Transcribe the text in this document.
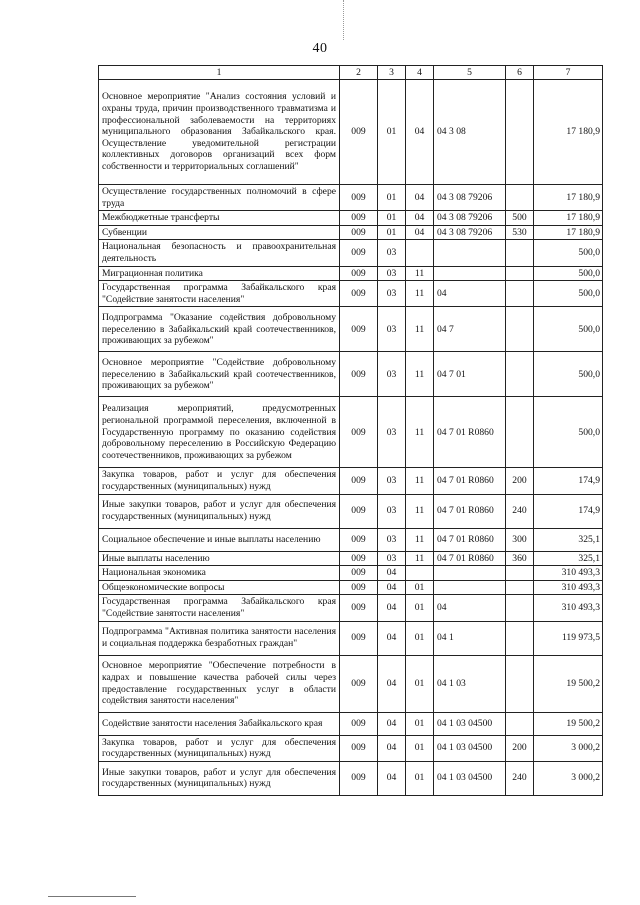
40
1	2	3	4	5	6	7
Основное мероприятие "Анализ состояния условий и охраны труда, причин производственного травматизма и профессиональной заболеваемости на территориях муниципального образования Забайкальского края. Осуществление уведомительной регистрации коллективных договоров организаций всех форм собственности и территориальных соглашений"	009	01	04	04 3 08		17 180,9
Осуществление государственных полномочий в сфере труда	009	01	04	04 3 08 79206		17 180,9
Межбюджетные трансферты	009	01	04	04 3 08 79206	500	17 180,9
Субвенции	009	01	04	04 3 08 79206	530	17 180,9
Национальная безопасность и правоохранительная деятельность	009	03				500,0
Миграционная политика	009	03	11			500,0
Государственная программа Забайкальского края "Содействие занятости населения"	009	03	11	04		500,0
Подпрограмма "Оказание содействия добровольному переселению в Забайкальский край соотечественников, проживающих за рубежом"	009	03	11	04 7		500,0
Основное мероприятие "Содействие добровольному переселению в Забайкальский край соотечественников, проживающих за рубежом"	009	03	11	04 7 01		500,0
Реализация мероприятий, предусмотренных региональной программой переселения, включенной в Государственную программу по оказанию содействия добровольному переселению в Российскую Федерацию соотечественников, проживающих за рубежом	009	03	11	04 7 01 R0860		500,0
Закупка товаров, работ и услуг для обеспечения государственных (муниципальных) нужд	009	03	11	04 7 01 R0860	200	174,9
Иные закупки товаров, работ и услуг для обеспечения государственных (муниципальных) нужд	009	03	11	04 7 01 R0860	240	174,9
Социальное обеспечение и иные выплаты населению	009	03	11	04 7 01 R0860	300	325,1
Иные выплаты населению	009	03	11	04 7 01 R0860	360	325,1
Национальная экономика	009	04				310 493,3
Общеэкономические вопросы	009	04	01			310 493,3
Государственная программа Забайкальского края "Содействие занятости населения"	009	04	01	04		310 493,3
Подпрограмма "Активная политика занятости населения и социальная поддержка безработных граждан"	009	04	01	04 1		119 973,5
Основное мероприятие "Обеспечение потребности в кадрах и повышение качества рабочей силы через предоставление государственных услуг в области содействия занятости населения"	009	04	01	04 1 03		19 500,2
Содействие занятости населения Забайкальского края	009	04	01	04 1 03 04500		19 500,2
Закупка товаров, работ и услуг для обеспечения государственных (муниципальных) нужд	009	04	01	04 1 03 04500	200	3 000,2
Иные закупки товаров, работ и услуг для обеспечения государственных (муниципальных) нужд	009	04	01	04 1 03 04500	240	3 000,2
